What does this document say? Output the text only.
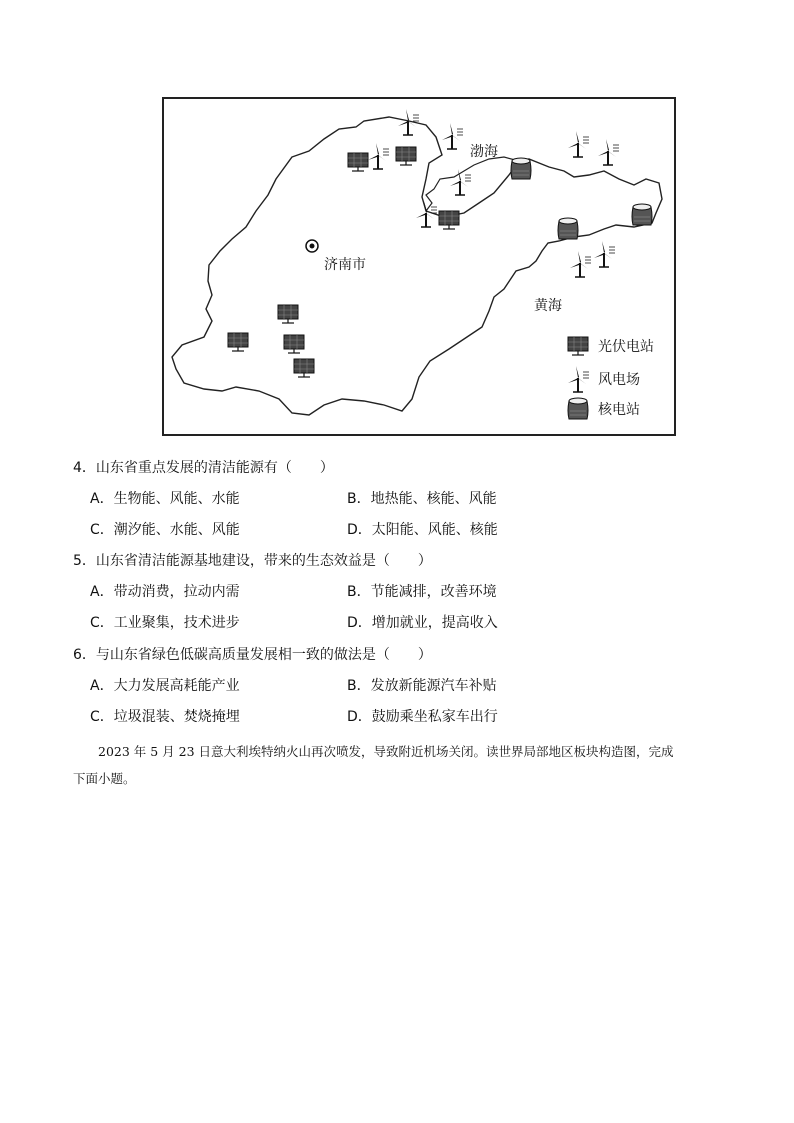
渤海
济南市
黄海
光伏电站
风电场
核电站
4．山东省重点发展的清洁能源有（　　）
A．生物能、风能、水能	B．地热能、核能、风能
C．潮汐能、水能、风能	D．太阳能、风能、核能
5．山东省清洁能源基地建设，带来的生态效益是（　　）
A．带动消费，拉动内需	B．节能减排，改善环境
C．工业聚集，技术进步	D．增加就业，提高收入
6．与山东省绿色低碳高质量发展相一致的做法是（　　）
A．大力发展高耗能产业	B．发放新能源汽车补贴
C．垃圾混装、焚烧掩埋	D．鼓励乘坐私家车出行
2023 年 5 月 23 日意大利埃特纳火山再次喷发，导致附近机场关闭。读世界局部地区板块构造图，完成
下面小题。
